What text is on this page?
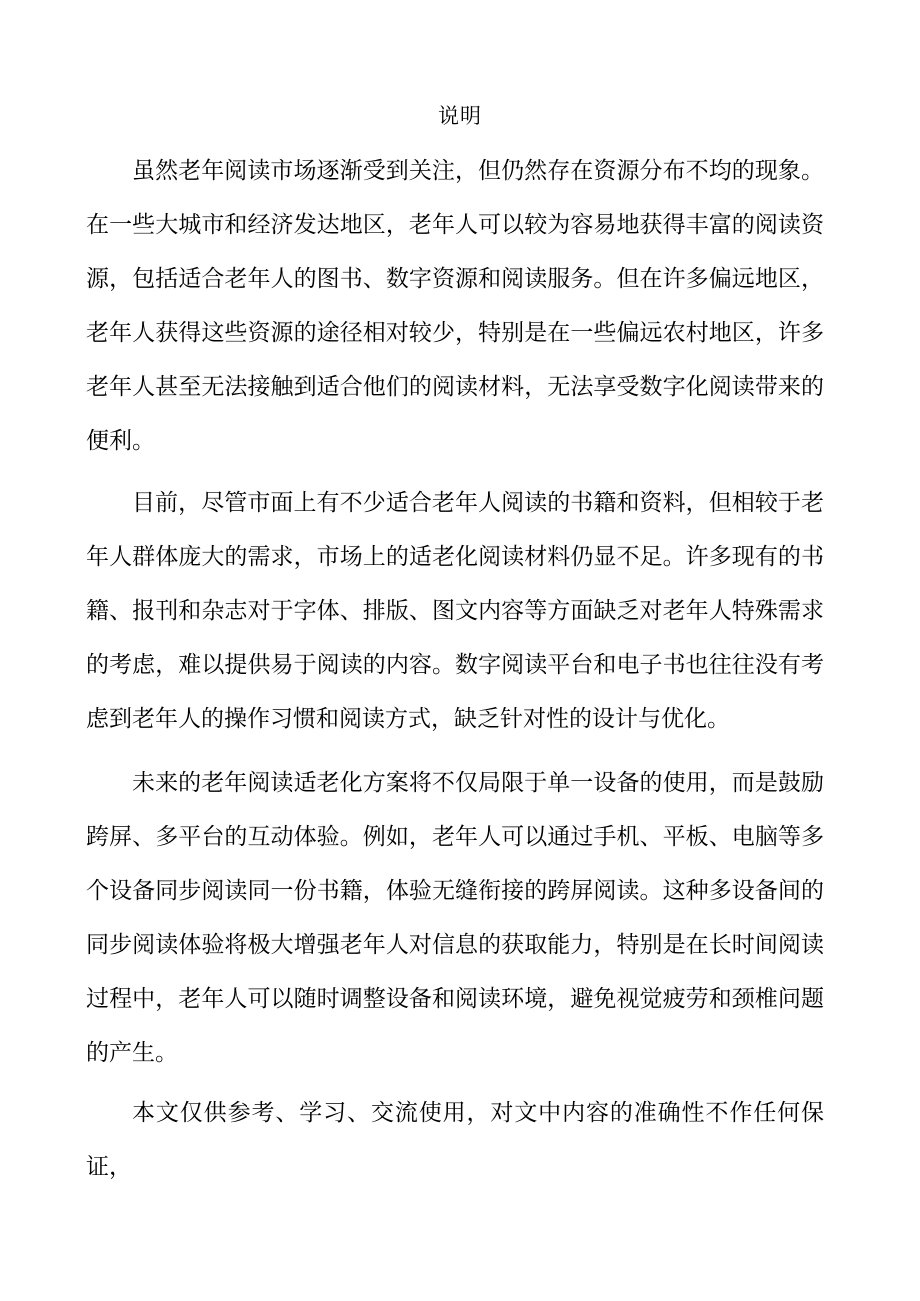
说明

虽然老年阅读市场逐渐受到关注，但仍然存在资源分布不均的现象。在一些大城市和经济发达地区，老年人可以较为容易地获得丰富的阅读资源，包括适合老年人的图书、数字资源和阅读服务。但在许多偏远地区，老年人获得这些资源的途径相对较少，特别是在一些偏远农村地区，许多老年人甚至无法接触到适合他们的阅读材料，无法享受数字化阅读带来的便利。

目前，尽管市面上有不少适合老年人阅读的书籍和资料，但相较于老年人群体庞大的需求，市场上的适老化阅读材料仍显不足。许多现有的书籍、报刊和杂志对于字体、排版、图文内容等方面缺乏对老年人特殊需求的考虑，难以提供易于阅读的内容。数字阅读平台和电子书也往往没有考虑到老年人的操作习惯和阅读方式，缺乏针对性的设计与优化。

未来的老年阅读适老化方案将不仅局限于单一设备的使用，而是鼓励跨屏、多平台的互动体验。例如，老年人可以通过手机、平板、电脑等多个设备同步阅读同一份书籍，体验无缝衔接的跨屏阅读。这种多设备间的同步阅读体验将极大增强老年人对信息的获取能力，特别是在长时间阅读过程中，老年人可以随时调整设备和阅读环境，避免视觉疲劳和颈椎问题的产生。

本文仅供参考、学习、交流使用，对文中内容的准确性不作任何保证，
